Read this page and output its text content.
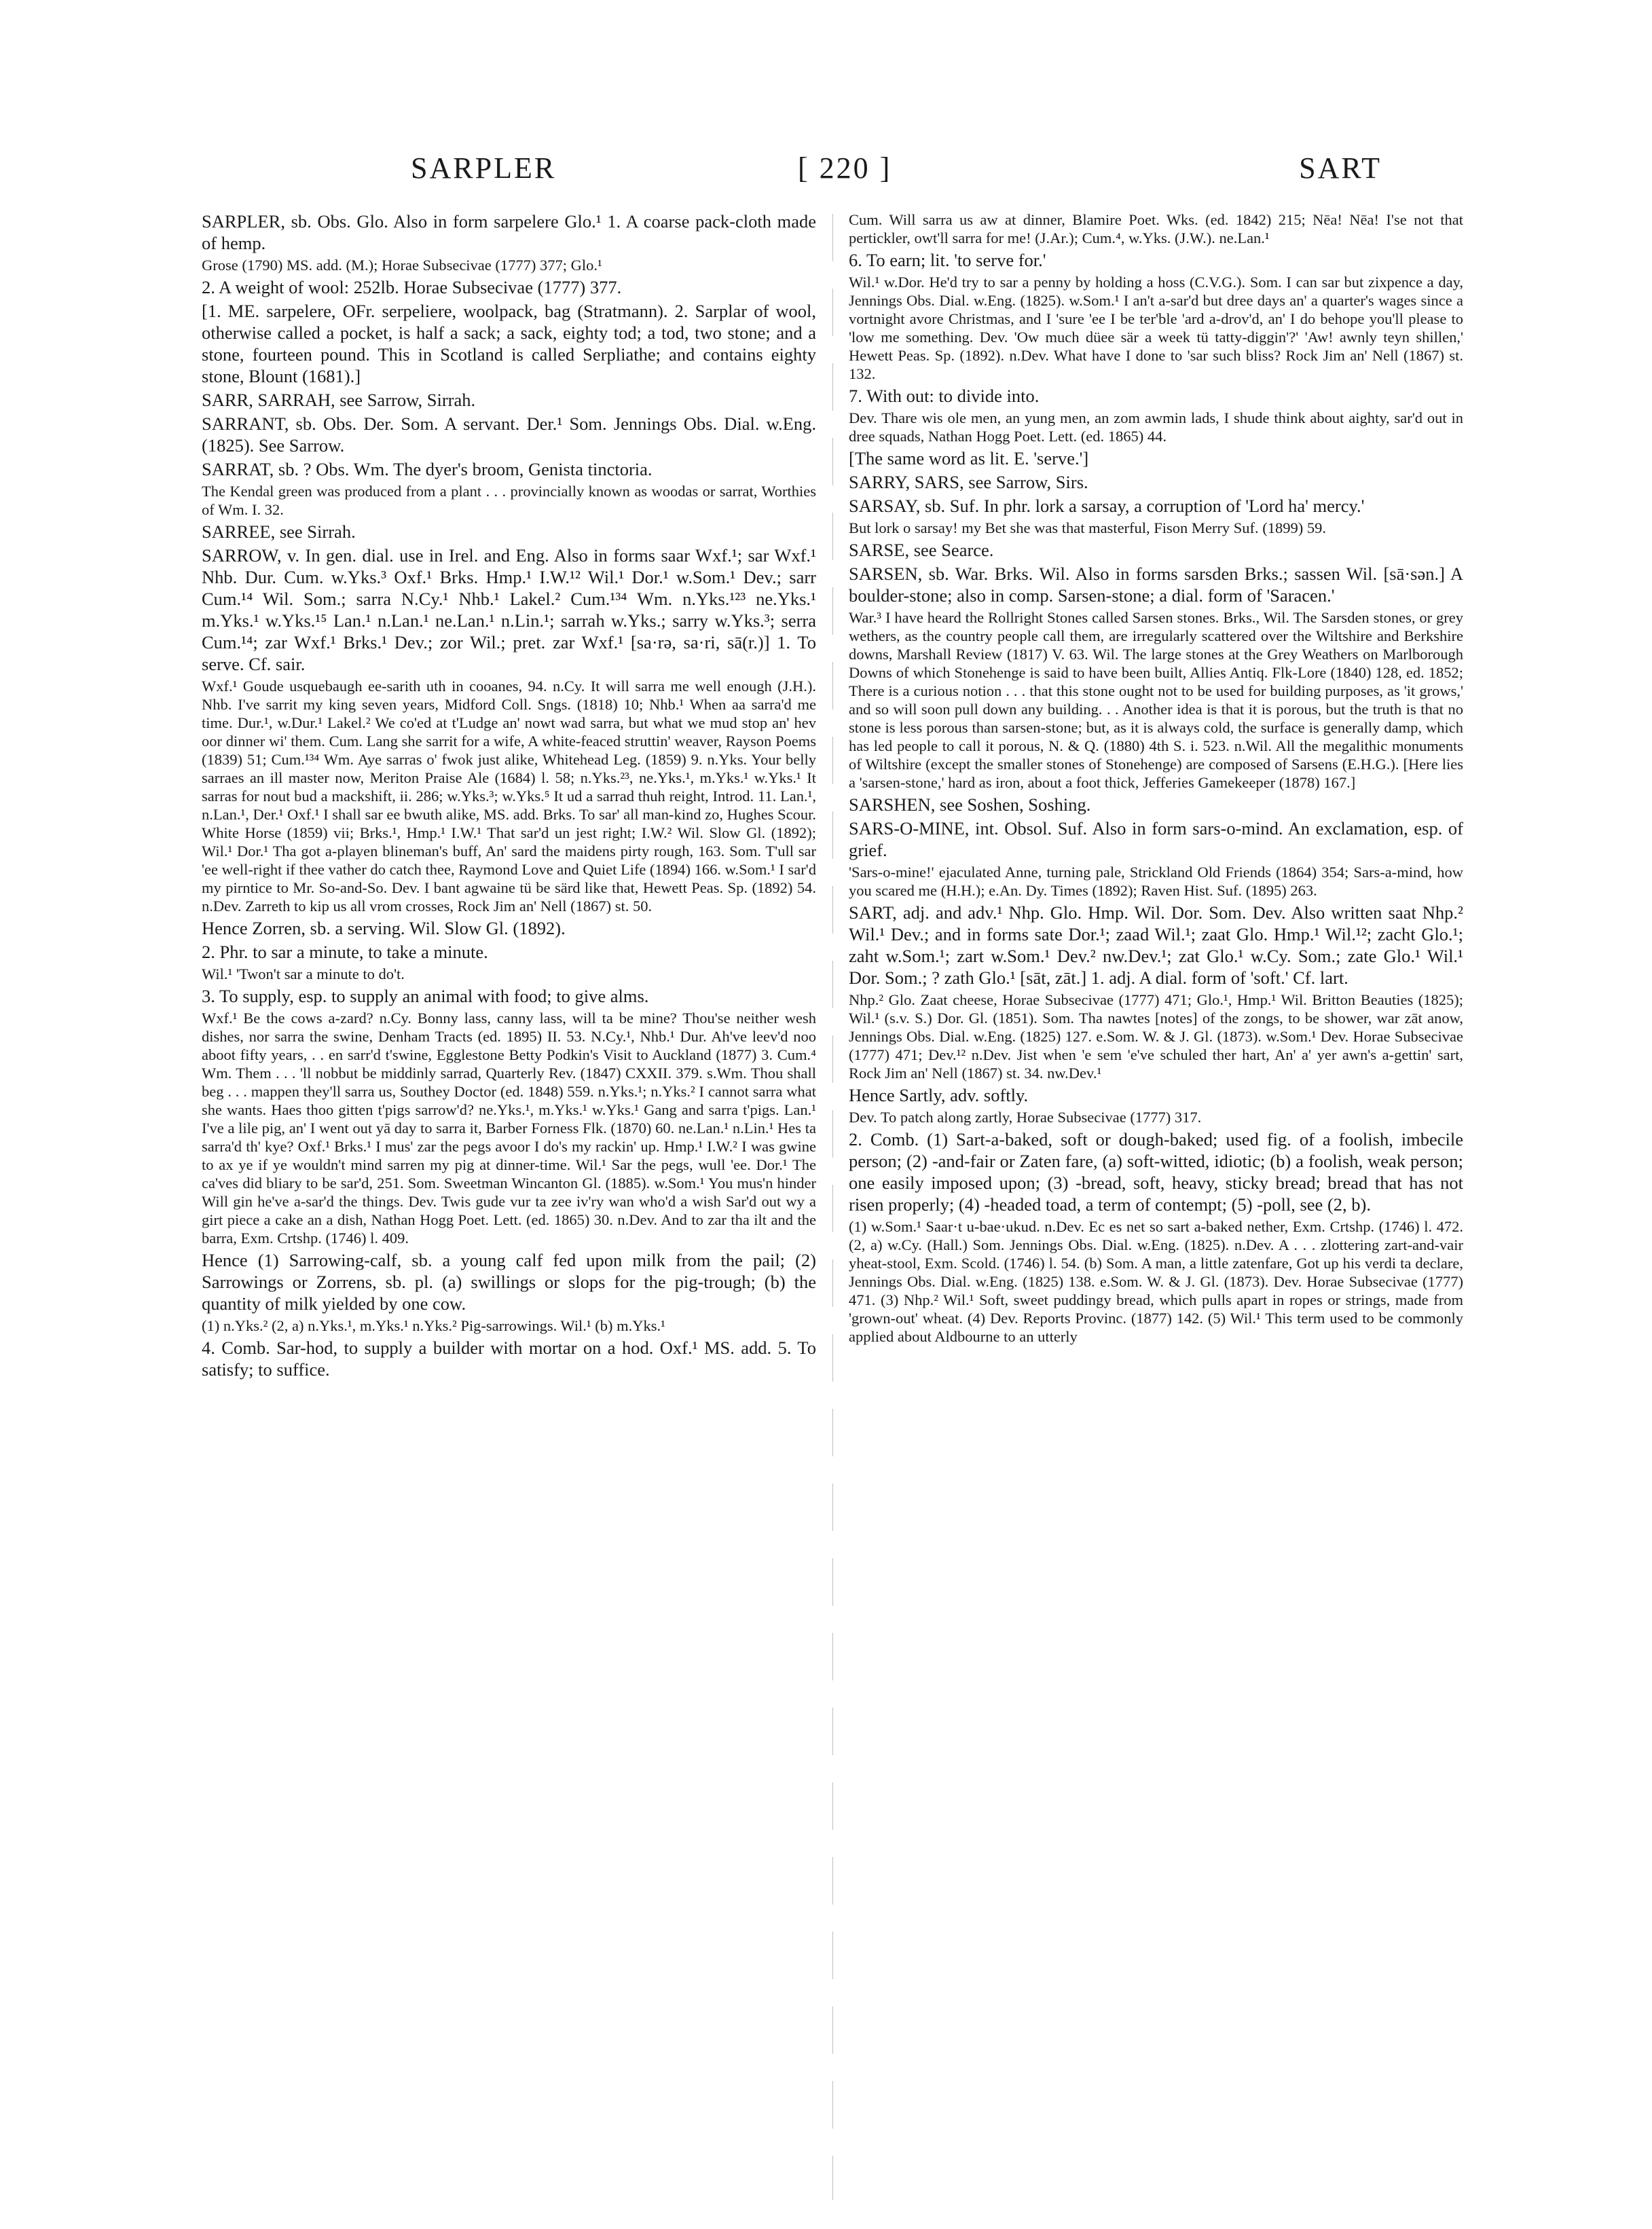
SARPLER	[ 220 ]	SART

SARPLER, sb. Obs. Glo. Also in form sarpelere Glo.¹ 1. A coarse pack-cloth made of hemp.

Grose (1790) MS. add. (M.); Horae Subsecivae (1777) 377; Glo.¹

2. A weight of wool: 252lb. Horae Subsecivae (1777) 377.

[1. ME. sarpelere, OFr. serpeliere, woolpack, bag (Stratmann). 2. Sarplar of wool, otherwise called a pocket, is half a sack; a sack, eighty tod; a tod, two stone; and a stone, fourteen pound. This in Scotland is called Serpliathe; and contains eighty stone, Blount (1681).]

SARR, SARRAH, see Sarrow, Sirrah.

SARRANT, sb. Obs. Der. Som. A servant. Der.¹ Som. Jennings Obs. Dial. w.Eng. (1825). See Sarrow.

SARRAT, sb. ? Obs. Wm. The dyer's broom, Genista tinctoria.

The Kendal green was produced from a plant . . . provincially known as woodas or sarrat, Worthies of Wm. I. 32.

SARREE, see Sirrah.

SARROW, v. In gen. dial. use in Irel. and Eng. Also in forms saar Wxf.¹; sar Wxf.¹ Nhb. Dur. Cum. w.Yks.³ Oxf.¹ Brks. Hmp.¹ I.W.¹² Wil.¹ Dor.¹ w.Som.¹ Dev.; sarr Cum.¹⁴ Wil. Som.; sarra N.Cy.¹ Nhb.¹ Lakel.² Cum.¹³⁴ Wm. n.Yks.¹²³ ne.Yks.¹ m.Yks.¹ w.Yks.¹⁵ Lan.¹ n.Lan.¹ ne.Lan.¹ n.Lin.¹; sarrah w.Yks.; sarry w.Yks.³; serra Cum.¹⁴; zar Wxf.¹ Brks.¹ Dev.; zor Wil.; pret. zar Wxf.¹ [sa·rə, sa·ri, sā(r.)] 1. To serve. Cf. sair.

Wxf.¹ Goude usquebaugh ee-sarith uth in cooanes, 94. n.Cy. It will sarra me well enough (J.H.). Nhb. I've sarrit my king seven years, Midford Coll. Sngs. (1818) 10; Nhb.¹ When aa sarra'd me time. Dur.¹, w.Dur.¹ Lakel.² We co'ed at t'Ludge an' nowt wad sarra, but what we mud stop an' hev oor dinner wi' them. Cum. Lang she sarrit for a wife, A white-feaced struttin' weaver, Rayson Poems (1839) 51; Cum.¹³⁴ Wm. Aye sarras o' fwok just alike, Whitehead Leg. (1859) 9. n.Yks. Your belly sarraes an ill master now, Meriton Praise Ale (1684) l. 58; n.Yks.²³, ne.Yks.¹, m.Yks.¹ w.Yks.¹ It sarras for nout bud a mackshift, ii. 286; w.Yks.³; w.Yks.⁵ It ud a sarrad thuh reight, Introd. 11. Lan.¹, n.Lan.¹, Der.¹ Oxf.¹ I shall sar ee bwuth alike, MS. add. Brks. To sar' all man-kind zo, Hughes Scour. White Horse (1859) vii; Brks.¹, Hmp.¹ I.W.¹ That sar'd un jest right; I.W.² Wil. Slow Gl. (1892); Wil.¹ Dor.¹ Tha got a-playen blineman's buff, An' sard the maidens pirty rough, 163. Som. T'ull sar 'ee well-right if thee vather do catch thee, Raymond Love and Quiet Life (1894) 166. w.Som.¹ I sar'd my pirntice to Mr. So-and-So. Dev. I bant agwaine tü be särd like that, Hewett Peas. Sp. (1892) 54. n.Dev. Zarreth to kip us all vrom crosses, Rock Jim an' Nell (1867) st. 50.

Hence Zorren, sb. a serving. Wil. Slow Gl. (1892).

2. Phr. to sar a minute, to take a minute.

Wil.¹ 'Twon't sar a minute to do't.

3. To supply, esp. to supply an animal with food; to give alms.

Wxf.¹ Be the cows a-zard? n.Cy. Bonny lass, canny lass, will ta be mine? Thou'se neither wesh dishes, nor sarra the swine, Denham Tracts (ed. 1895) II. 53. N.Cy.¹, Nhb.¹ Dur. Ah've leev'd noo aboot fifty years, . . en sarr'd t'swine, Egglestone Betty Podkin's Visit to Auckland (1877) 3. Cum.⁴ Wm. Them . . . 'll nobbut be middinly sarrad, Quarterly Rev. (1847) CXXII. 379. s.Wm. Thou shall beg . . . mappen they'll sarra us, Southey Doctor (ed. 1848) 559. n.Yks.¹; n.Yks.² I cannot sarra what she wants. Haes thoo gitten t'pigs sarrow'd? ne.Yks.¹, m.Yks.¹ w.Yks.¹ Gang and sarra t'pigs. Lan.¹ I've a lile pig, an' I went out yā day to sarra it, Barber Forness Flk. (1870) 60. ne.Lan.¹ n.Lin.¹ Hes ta sarra'd th' kye? Oxf.¹ Brks.¹ I mus' zar the pegs avoor I do's my rackin' up. Hmp.¹ I.W.² I was gwine to ax ye if ye wouldn't mind sarren my pig at dinner-time. Wil.¹ Sar the pegs, wull 'ee. Dor.¹ The ca'ves did bliary to be sar'd, 251. Som. Sweetman Wincanton Gl. (1885). w.Som.¹ You mus'n hinder Will gin he've a-sar'd the things. Dev. Twis gude vur ta zee iv'ry wan who'd a wish Sar'd out wy a girt piece a cake an a dish, Nathan Hogg Poet. Lett. (ed. 1865) 30. n.Dev. And to zar tha ilt and the barra, Exm. Crtshp. (1746) l. 409.

Hence (1) Sarrowing-calf, sb. a young calf fed upon milk from the pail; (2) Sarrowings or Zorrens, sb. pl. (a) swillings or slops for the pig-trough; (b) the quantity of milk yielded by one cow.

(1) n.Yks.² (2, a) n.Yks.¹, m.Yks.¹ n.Yks.² Pig-sarrowings. Wil.¹ (b) m.Yks.¹

4. Comb. Sar-hod, to supply a builder with mortar on a hod. Oxf.¹ MS. add. 5. To satisfy; to suffice.

Cum. Will sarra us aw at dinner, Blamire Poet. Wks. (ed. 1842) 215; Nēa! Nēa! I'se not that pertickler, owt'll sarra for me! (J.Ar.); Cum.⁴, w.Yks. (J.W.). ne.Lan.¹

6. To earn; lit. 'to serve for.'

Wil.¹ w.Dor. He'd try to sar a penny by holding a hoss (C.V.G.). Som. I can sar but zixpence a day, Jennings Obs. Dial. w.Eng. (1825). w.Som.¹ I an't a-sar'd but dree days an' a quarter's wages since a vortnight avore Christmas, and I 'sure 'ee I be ter'ble 'ard a-drov'd, an' I do behope you'll please to 'low me something. Dev. 'Ow much düee sär a week tü tatty-diggin'?' 'Aw! awnly teyn shillen,' Hewett Peas. Sp. (1892). n.Dev. What have I done to 'sar such bliss? Rock Jim an' Nell (1867) st. 132.

7. With out: to divide into.

Dev. Thare wis ole men, an yung men, an zom awmin lads, I shude think about aighty, sar'd out in dree squads, Nathan Hogg Poet. Lett. (ed. 1865) 44.

[The same word as lit. E. 'serve.']

SARRY, SARS, see Sarrow, Sirs.

SARSAY, sb. Suf. In phr. lork a sarsay, a corruption of 'Lord ha' mercy.'

But lork o sarsay! my Bet she was that masterful, Fison Merry Suf. (1899) 59.

SARSE, see Searce.

SARSEN, sb. War. Brks. Wil. Also in forms sarsden Brks.; sassen Wil. [sā·sən.] A boulder-stone; also in comp. Sarsen-stone; a dial. form of 'Saracen.'

War.³ I have heard the Rollright Stones called Sarsen stones. Brks., Wil. The Sarsden stones, or grey wethers, as the country people call them, are irregularly scattered over the Wiltshire and Berkshire downs, Marshall Review (1817) V. 63. Wil. The large stones at the Grey Weathers on Marlborough Downs of which Stonehenge is said to have been built, Allies Antiq. Flk-Lore (1840) 128, ed. 1852; There is a curious notion . . . that this stone ought not to be used for building purposes, as 'it grows,' and so will soon pull down any building. . . Another idea is that it is porous, but the truth is that no stone is less porous than sarsen-stone; but, as it is always cold, the surface is generally damp, which has led people to call it porous, N. & Q. (1880) 4th S. i. 523. n.Wil. All the megalithic monuments of Wiltshire (except the smaller stones of Stonehenge) are composed of Sarsens (E.H.G.). [Here lies a 'sarsen-stone,' hard as iron, about a foot thick, Jefferies Gamekeeper (1878) 167.]

SARSHEN, see Soshen, Soshing.

SARS-O-MINE, int. Obsol. Suf. Also in form sars-o-mind. An exclamation, esp. of grief.

'Sars-o-mine!' ejaculated Anne, turning pale, Strickland Old Friends (1864) 354; Sars-a-mind, how you scared me (H.H.); e.An. Dy. Times (1892); Raven Hist. Suf. (1895) 263.

SART, adj. and adv.¹ Nhp. Glo. Hmp. Wil. Dor. Som. Dev. Also written saat Nhp.² Wil.¹ Dev.; and in forms sate Dor.¹; zaad Wil.¹; zaat Glo. Hmp.¹ Wil.¹²; zacht Glo.¹; zaht w.Som.¹; zart w.Som.¹ Dev.² nw.Dev.¹; zat Glo.¹ w.Cy. Som.; zate Glo.¹ Wil.¹ Dor. Som.; ? zath Glo.¹ [sāt, zāt.] 1. adj. A dial. form of 'soft.' Cf. lart.

Nhp.² Glo. Zaat cheese, Horae Subsecivae (1777) 471; Glo.¹, Hmp.¹ Wil. Britton Beauties (1825); Wil.¹ (s.v. S.) Dor. Gl. (1851). Som. Tha nawtes [notes] of the zongs, to be shower, war zāt anow, Jennings Obs. Dial. w.Eng. (1825) 127. e.Som. W. & J. Gl. (1873). w.Som.¹ Dev. Horae Subsecivae (1777) 471; Dev.¹² n.Dev. Jist when 'e sem 'e've schuled ther hart, An' a' yer awn's a-gettin' sart, Rock Jim an' Nell (1867) st. 34. nw.Dev.¹

Hence Sartly, adv. softly.

Dev. To patch along zartly, Horae Subsecivae (1777) 317.

2. Comb. (1) Sart-a-baked, soft or dough-baked; used fig. of a foolish, imbecile person; (2) -and-fair or Zaten fare, (a) soft-witted, idiotic; (b) a foolish, weak person; one easily imposed upon; (3) -bread, soft, heavy, sticky bread; bread that has not risen properly; (4) -headed toad, a term of contempt; (5) -poll, see (2, b).

(1) w.Som.¹ Saar·t u-bae·ukud. n.Dev. Ec es net so sart a-baked nether, Exm. Crtshp. (1746) l. 472. (2, a) w.Cy. (Hall.) Som. Jennings Obs. Dial. w.Eng. (1825). n.Dev. A . . . zlottering zart-and-vair yheat-stool, Exm. Scold. (1746) l. 54. (b) Som. A man, a little zatenfare, Got up his verdi ta declare, Jennings Obs. Dial. w.Eng. (1825) 138. e.Som. W. & J. Gl. (1873). Dev. Horae Subsecivae (1777) 471. (3) Nhp.² Wil.¹ Soft, sweet puddingy bread, which pulls apart in ropes or strings, made from 'grown-out' wheat. (4) Dev. Reports Provinc. (1877) 142. (5) Wil.¹ This term used to be commonly applied about Aldbourne to an utterly
